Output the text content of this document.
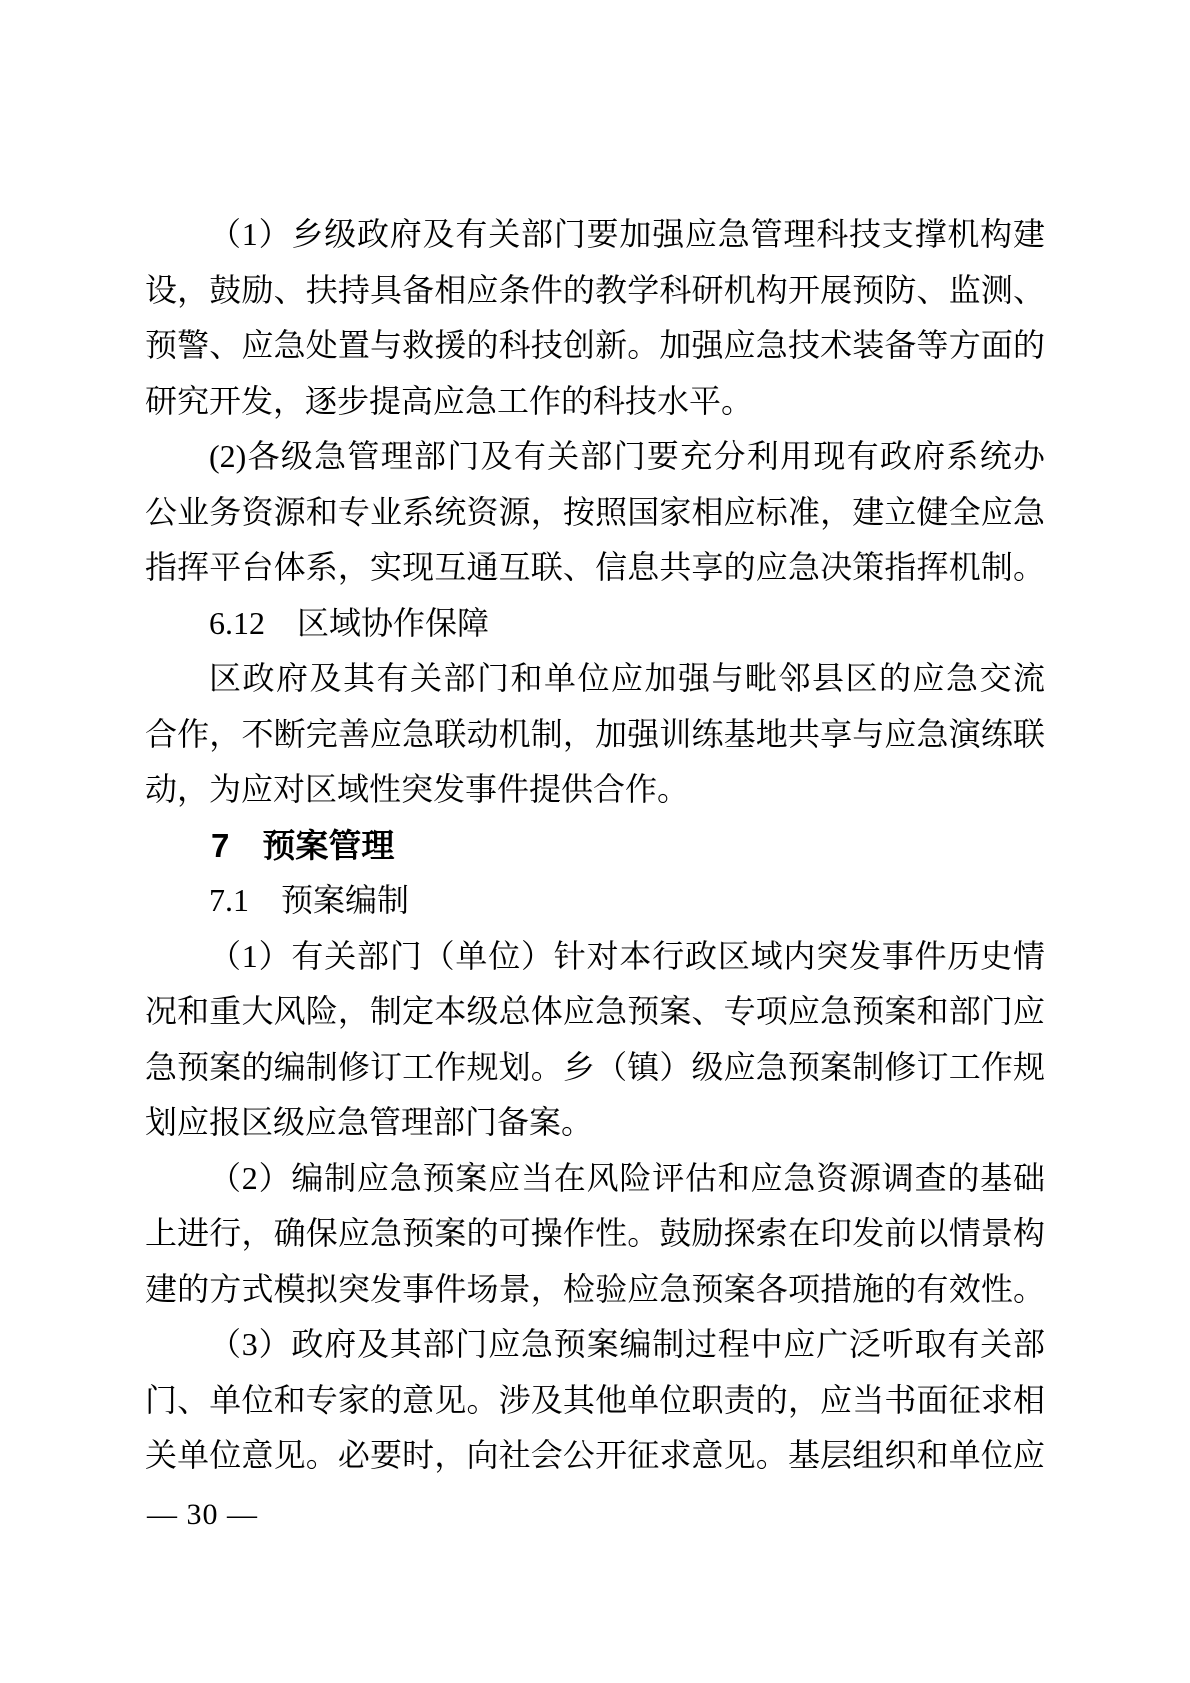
（1）乡级政府及有关部门要加强应急管理科技支撑机构建
设，鼓励、扶持具备相应条件的教学科研机构开展预防、监测、
预警、应急处置与救援的科技创新。加强应急技术装备等方面的
研究开发，逐步提高应急工作的科技水平。
(2)各级急管理部门及有关部门要充分利用现有政府系统办
公业务资源和专业系统资源，按照国家相应标准，建立健全应急
指挥平台体系，实现互通互联、信息共享的应急决策指挥机制。
6.12　区域协作保障
区政府及其有关部门和单位应加强与毗邻县区的应急交流
合作，不断完善应急联动机制，加强训练基地共享与应急演练联
动，为应对区域性突发事件提供合作。
7　预案管理
7.1　预案编制
（1）有关部门（单位）针对本行政区域内突发事件历史情
况和重大风险，制定本级总体应急预案、专项应急预案和部门应
急预案的编制修订工作规划。乡（镇）级应急预案制修订工作规
划应报区级应急管理部门备案。
（2）编制应急预案应当在风险评估和应急资源调查的基础
上进行，确保应急预案的可操作性。鼓励探索在印发前以情景构
建的方式模拟突发事件场景，检验应急预案各项措施的有效性。
（3）政府及其部门应急预案编制过程中应广泛听取有关部
门、单位和专家的意见。涉及其他单位职责的，应当书面征求相
关单位意见。必要时，向社会公开征求意见。基层组织和单位应
— 30 —
